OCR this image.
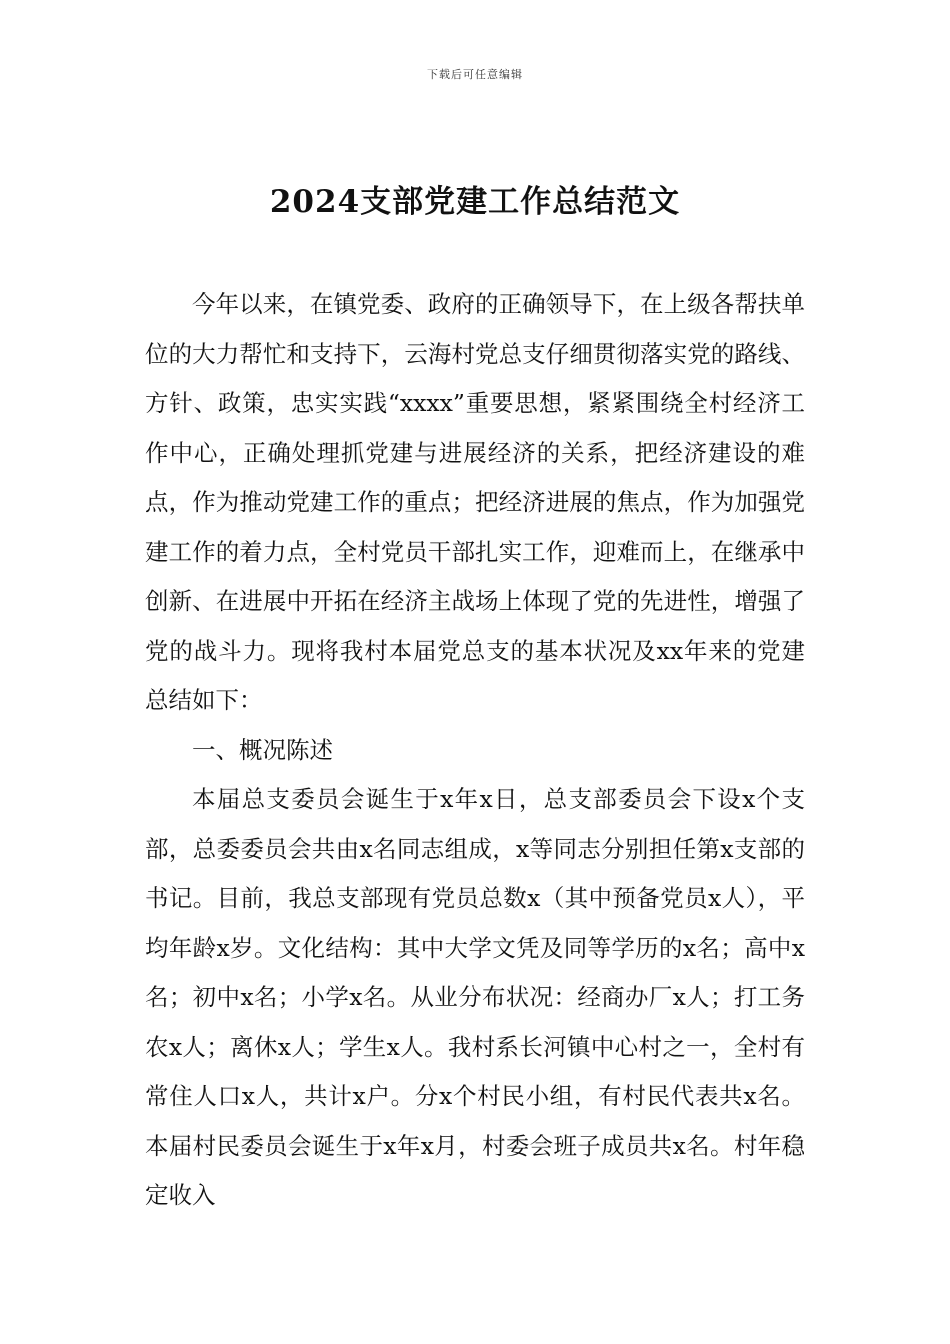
下载后可任意编辑
2024支部党建工作总结范文

今年以来，在镇党委、政府的正确领导下，在上级各帮扶单位的大力帮忙和支持下，云海村党总支仔细贯彻落实党的路线、方针、政策，忠实实践“xxxx”重要思想，紧紧围绕全村经济工作中心，正确处理抓党建与进展经济的关系，把经济建设的难点，作为推动党建工作的重点；把经济进展的焦点，作为加强党建工作的着力点，全村党员干部扎实工作，迎难而上，在继承中创新、在进展中开拓在经济主战场上体现了党的先进性，增强了党的战斗力。现将我村本届党总支的基本状况及xx年来的党建总结如下：

一、概况陈述

本届总支委员会诞生于x年x日，总支部委员会下设x个支部，总委委员会共由x名同志组成，x等同志分别担任第x支部的书记。目前，我总支部现有党员总数x（其中预备党员x人），平均年龄x岁。文化结构：其中大学文凭及同等学历的x名；高中x名；初中x名；小学x名。从业分布状况：经商办厂x人；打工务农x人；离休x人；学生x人。我村系长河镇中心村之一，全村有常住人口x人，共计x户。分x个村民小组，有村民代表共x名。本届村民委员会诞生于x年x月，村委会班子成员共x名。村年稳定收入
